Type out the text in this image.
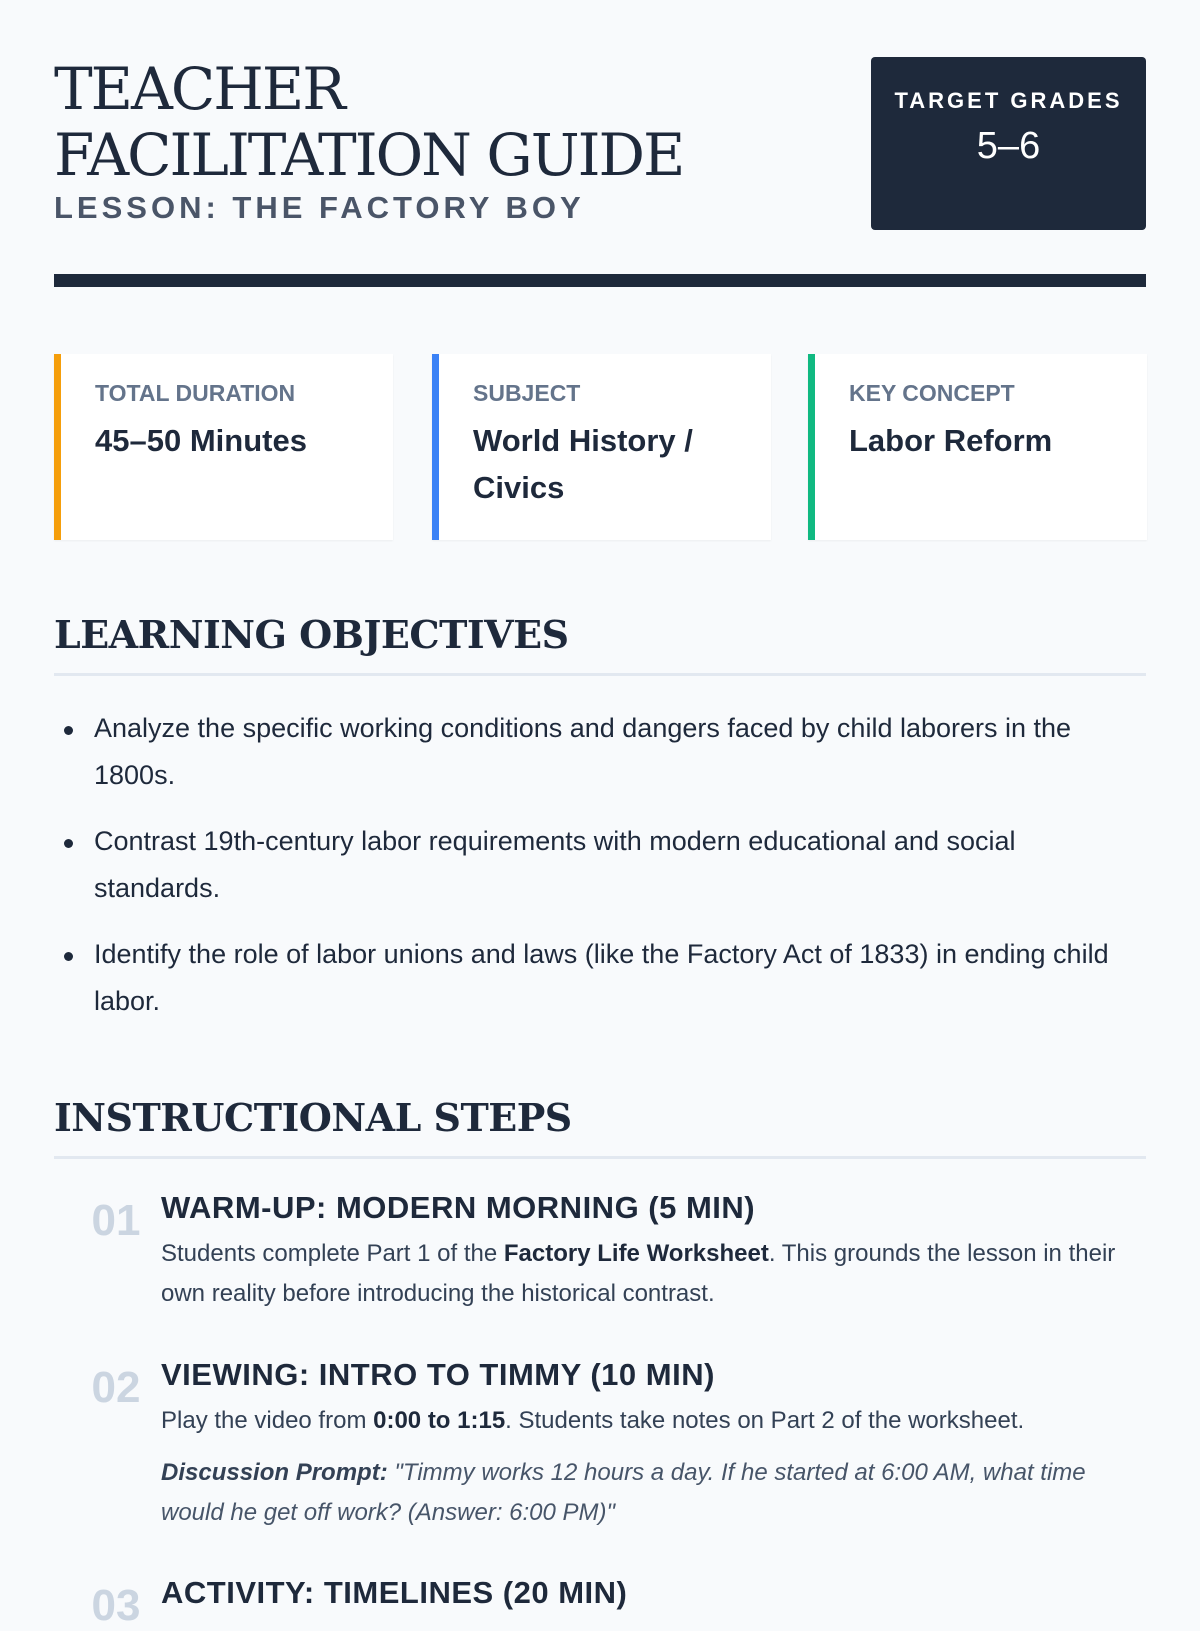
TEACHER FACILITATION GUIDE
LESSON: THE FACTORY BOY
TARGET GRADES
5–6
TOTAL DURATION
45–50 Minutes
SUBJECT
World History / Civics
KEY CONCEPT
Labor Reform
LEARNING OBJECTIVES
Analyze the specific working conditions and dangers faced by child laborers in the 1800s.
Contrast 19th-century labor requirements with modern educational and social standards.
Identify the role of labor unions and laws (like the Factory Act of 1833) in ending child labor.
INSTRUCTIONAL STEPS
01 WARM-UP: MODERN MORNING (5 MIN)
Students complete Part 1 of the Factory Life Worksheet. This grounds the lesson in their own reality before introducing the historical contrast.
02 VIEWING: INTRO TO TIMMY (10 MIN)
Play the video from 0:00 to 1:15. Students take notes on Part 2 of the worksheet.
Discussion Prompt: "Timmy works 12 hours a day. If he started at 6:00 AM, what time would he get off work? (Answer: 6:00 PM)"
03 ACTIVITY: TIMELINES (20 MIN)
